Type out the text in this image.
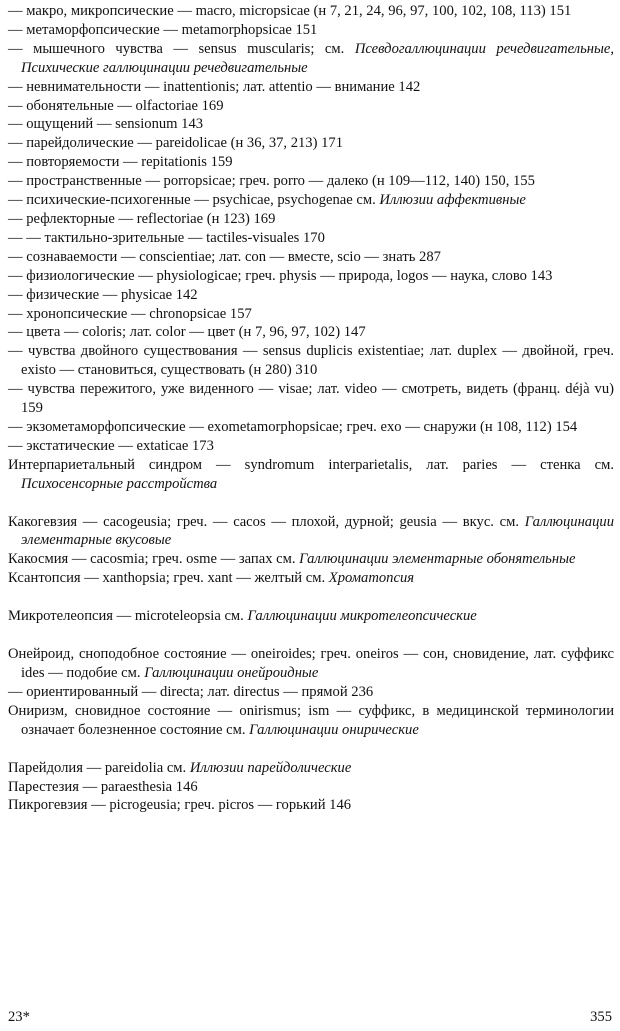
— макро, микропсические — macro, micropsicae (н 7, 21, 24, 96, 97, 100, 102, 108, 113) 151

— метаморфопсические — metamorphopsicae 151

— мышечного чувства — sensus muscularis; см. Псевдогаллюцинации речедвигательные, Психические галлюцинации речедвигательные

— невнимательности — inattentionis; лат. attentio — внимание 142

— обонятельные — olfactoriae 169

— ощущений — sensionum 143

— парейдолические — pareidolicae (н 36, 37, 213) 171

— повторяемости — repitationis 159

— пространственные — porropsicae; греч. porro — далеко (н 109—112, 140) 150, 155

— психические-психогенные — psychicae, psychogenae см. Иллюзии аффективные

— рефлекторные — reflectoriae (н 123) 169

— — тактильно-зрительные — tactiles-visuales 170

— сознаваемости — conscientiae; лат. con — вместе, scio — знать 287

— физиологические — physiologicae; греч. physis — природа, logos — наука, слово 143

— физические — physicae 142

— хронопсические — chronopsicae 157

— цвета — coloris; лат. color — цвет (н 7, 96, 97, 102) 147

— чувства двойного существования — sensus duplicis existentiae; лат. duplex — двойной, греч. existo — становиться, существовать (н 280) 310

— чувства пережитого, уже виденного — visae; лат. video — смотреть, видеть (франц. déjà vu) 159

— экзометаморфопсические — exometamorphopsicae; греч. exo — снаружи (н 108, 112) 154

— экстатические — extaticae 173

Интерпариетальный синдром — syndromum interparietalis, лат. paries — стенка см. Психосенсорные расстройства

Какогевзия — cacogeusia; греч. — cacos — плохой, дурной; geusia — вкус. см. Галлюцинации элементарные вкусовые

Какосмия — cacosmia; греч. osme — запах см. Галлюцинации элементарные обонятельные

Ксантопсия — xanthopsia; греч. xant — желтый см. Хроматопсия

Микротелеопсия — microteleopsia см. Галлюцинации микротелеопсические

Онейроид, сноподобное состояние — oneiroides; греч. oneiros — сон, сновидение, лат. суффикс ides — подобие см. Галлюцинации онейроидные

— ориентированный — directa; лат. directus — прямой 236

Ониризм, сновидное состояние — onirismus; ism — суффикс, в медицинской терминологии означает болезненное состояние см. Галлюцинации онирические

Парейдолия — pareidolia см. Иллюзии парейдолические

Парестезия — paraesthesia 146

Пикрогевзия — picrogeusia; греч. picros — горький 146

23*	355
